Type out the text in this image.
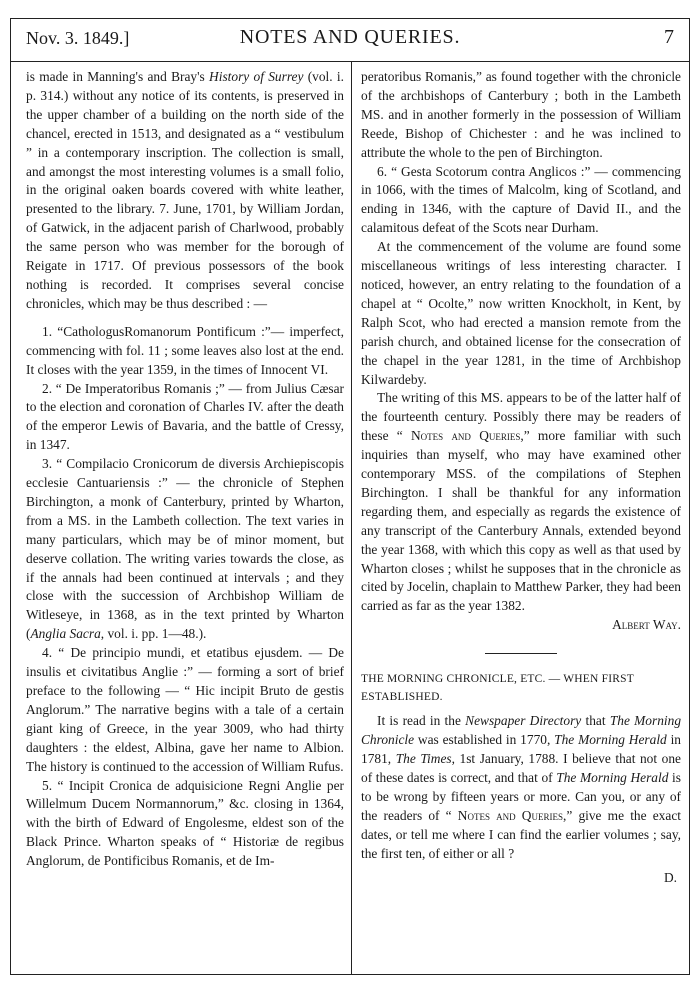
Nov. 3. 1849.]	NOTES AND QUERIES.	7

is made in Manning's and Bray's History of Surrey (vol. i. p. 314.) without any notice of its contents, is preserved in the upper chamber of a building on the north side of the chancel, erected in 1513, and designated as a “ vestibulum ” in a contemporary inscription. The collection is small, and amongst the most interesting volumes is a small folio, in the original oaken boards covered with white leather, presented to the library. 7. June, 1701, by William Jordan, of Gatwick, in the adjacent parish of Charlwood, probably the same person who was member for the borough of Reigate in 1717. Of previous possessors of the book nothing is recorded. It comprises several concise chronicles, which may be thus described : —

1. “CathologusRomanorum Pontificum :”— imperfect, commencing with fol. 11 ; some leaves also lost at the end. It closes with the year 1359, in the times of Innocent VI.

2. “ De Imperatoribus Romanis ;” — from Julius Cæsar to the election and coronation of Charles IV. after the death of the emperor Lewis of Bavaria, and the battle of Cressy, in 1347.

3. “ Compilacio Cronicorum de diversis Archiepiscopis ecclesie Cantuariensis :” — the chronicle of Stephen Birchington, a monk of Canterbury, printed by Wharton, from a MS. in the Lambeth collection. The text varies in many particulars, which may be of minor moment, but deserve collation. The writing varies towards the close, as if the annals had been continued at intervals ; and they close with the succession of Archbishop William de Witleseye, in 1368, as in the text printed by Wharton (Anglia Sacra, vol. i. pp. 1—48.).

4. “ De principio mundi, et etatibus ejusdem. — De insulis et civitatibus Anglie :” — forming a sort of brief preface to the following — “ Hic incipit Bruto de gestis Anglorum.” The narrative begins with a tale of a certain giant king of Greece, in the year 3009, who had thirty daughters : the eldest, Albina, gave her name to Albion. The history is continued to the accession of William Rufus.

5. “ Incipit Cronica de adquisicione Regni Anglie per Willelmum Ducem Normannorum,” &c. closing in 1364, with the birth of Edward of Engolesme, eldest son of the Black Prince. Wharton speaks of “ Historiæ de regibus Anglorum, de Pontificibus Romanis, et de Im-

peratoribus Romanis,” as found together with the chronicle of the archbishops of Canterbury ; both in the Lambeth MS. and in another formerly in the possession of William Reede, Bishop of Chichester : and he was inclined to attribute the whole to the pen of Birchington.

6. “ Gesta Scotorum contra Anglicos :” — commencing in 1066, with the times of Malcolm, king of Scotland, and ending in 1346, with the capture of David II., and the calamitous defeat of the Scots near Durham.

At the commencement of the volume are found some miscellaneous writings of less interesting character. I noticed, however, an entry relating to the foundation of a chapel at “ Ocolte,” now written Knockholt, in Kent, by Ralph Scot, who had erected a mansion remote from the parish church, and obtained license for the consecration of the chapel in the year 1281, in the time of Archbishop Kilwardeby.

The writing of this MS. appears to be of the latter half of the fourteenth century. Possibly there may be readers of these “ Notes and Queries,” more familiar with such inquiries than myself, who may have examined other contemporary MSS. of the compilations of Stephen Birchington. I shall be thankful for any information regarding them, and especially as regards the existence of any transcript of the Canterbury Annals, extended beyond the year 1368, with which this copy as well as that used by Wharton closes ; whilst he supposes that in the chronicle as cited by Jocelin, chaplain to Matthew Parker, they had been carried as far as the year 1382.

Albert Way.

THE MORNING CHRONICLE, ETC. — WHEN FIRST ESTABLISHED.

It is read in the Newspaper Directory that The Morning Chronicle was established in 1770, The Morning Herald in 1781, The Times, 1st January, 1788. I believe that not one of these dates is correct, and that of The Morning Herald is to be wrong by fifteen years or more. Can you, or any of the readers of “ Notes and Queries,” give me the exact dates, or tell me where I can find the earlier volumes ; say, the first ten, of either or all ?

D.
